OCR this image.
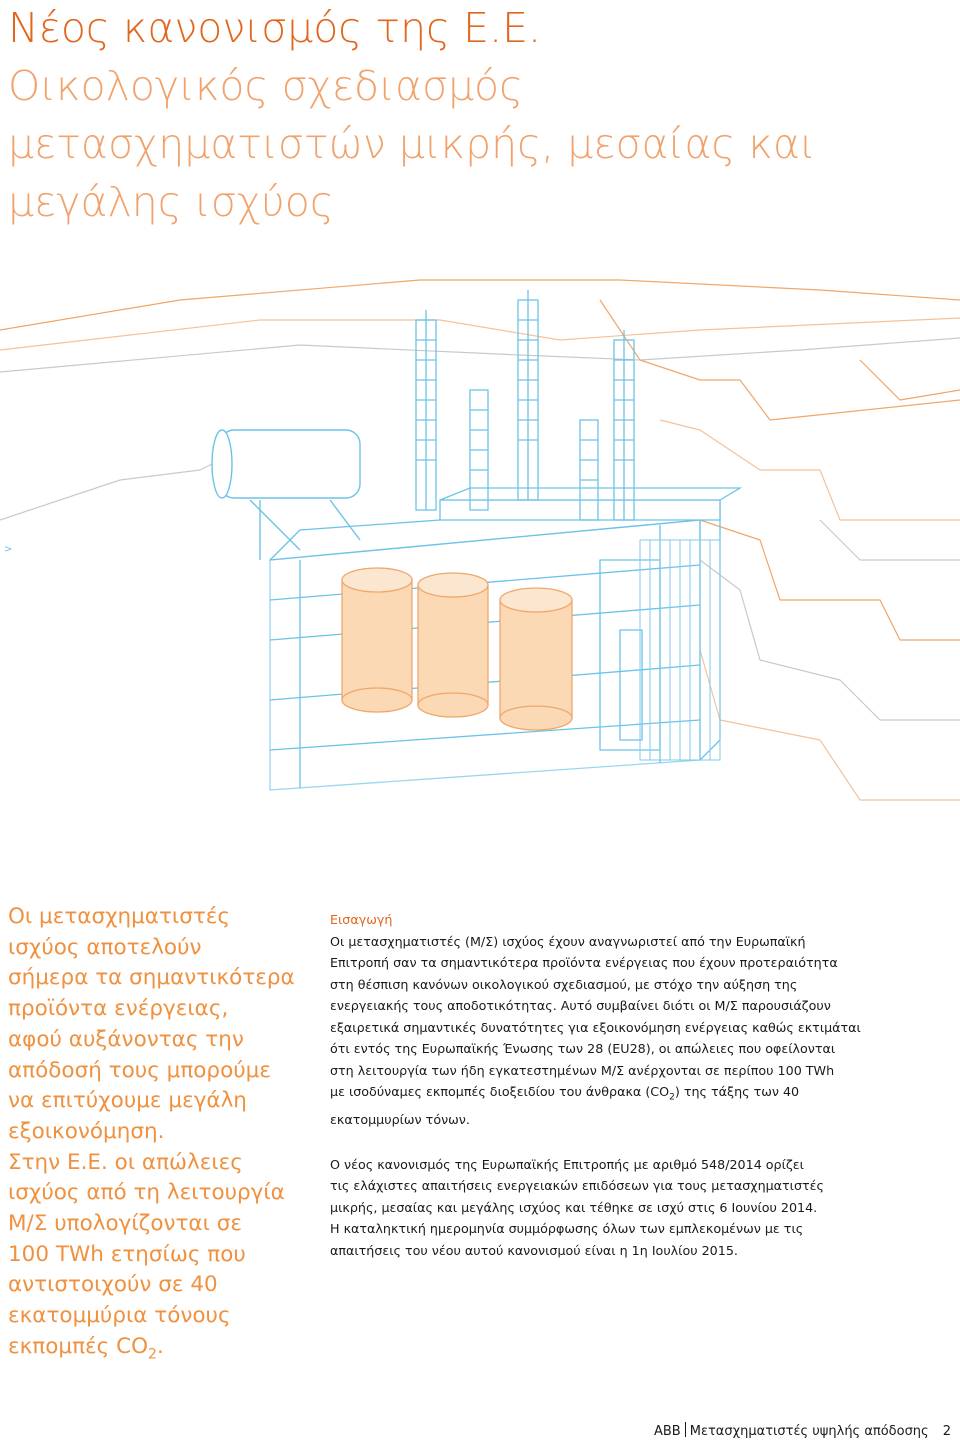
Νέος κανονισμός της Ε.Ε.
Οικολογικός σχεδιασμός
μετασχηματιστών μικρής, μεσαίας και
μεγάλης ισχύος
>

Οι μετασχηματιστές
ισχύος αποτελούν
σήμερα τα σημαντικότερα
προϊόντα ενέργειας,
αφού αυξάνοντας την
απόδοσή τους μπορούμε
να επιτύχουμε μεγάλη
εξοικονόμηση.
Στην Ε.Ε. οι απώλειες
ισχύος από τη λειτουργία
Μ/Σ υπολογίζονται σε
100 TWh ετησίως που
αντιστοιχούν σε 40
εκατομμύρια τόνους
εκπομπές $CO_2$.

Εισαγωγή

Οι μετασχηματιστές (Μ/Σ) ισχύος έχουν αναγνωριστεί από την Ευρωπαϊκή

Επιτροπή σαν τα σημαντικότερα προϊόντα ενέργειας που έχουν προτεραιότητα

στη θέσπιση κανόνων οικολογικού σχεδιασμού, με στόχο την αύξηση της

ενεργειακής τους αποδοτικότητας. Αυτό συμβαίνει διότι οι Μ/Σ παρουσιάζουν

εξαιρετικά σημαντικές δυνατότητες για εξοικονόμηση ενέργειας καθώς εκτιμάται

ότι εντός της Ευρωπαϊκής Ένωσης των 28 (EU28), οι απώλειες που οφείλονται

στη λειτουργία των ήδη εγκατεστημένων Μ/Σ ανέρχονται σε περίπου 100 TWh

με ισοδύναμες εκπομπές διοξειδίου του άνθρακα $(CO_2)$ της τάξης των 40

εκατομμυρίων τόνων.

Ο νέος κανονισμός της Ευρωπαϊκής Επιτροπής με αριθμό 548/2014 ορίζει

τις ελάχιστες απαιτήσεις ενεργειακών επιδόσεων για τους μετασχηματιστές

μικρής, μεσαίας και μεγάλης ισχύος και τέθηκε σε ισχύ στις 6 Ιουνίου 2014.

Η καταληκτική ημερομηνία συμμόρφωσης όλων των εμπλεκομένων με τις

απαιτήσεις του νέου αυτού κανονισμού είναι η 1η Ιουλίου 2015.

ABB Μετασχηματιστές υψηλής απόδοσης 2
